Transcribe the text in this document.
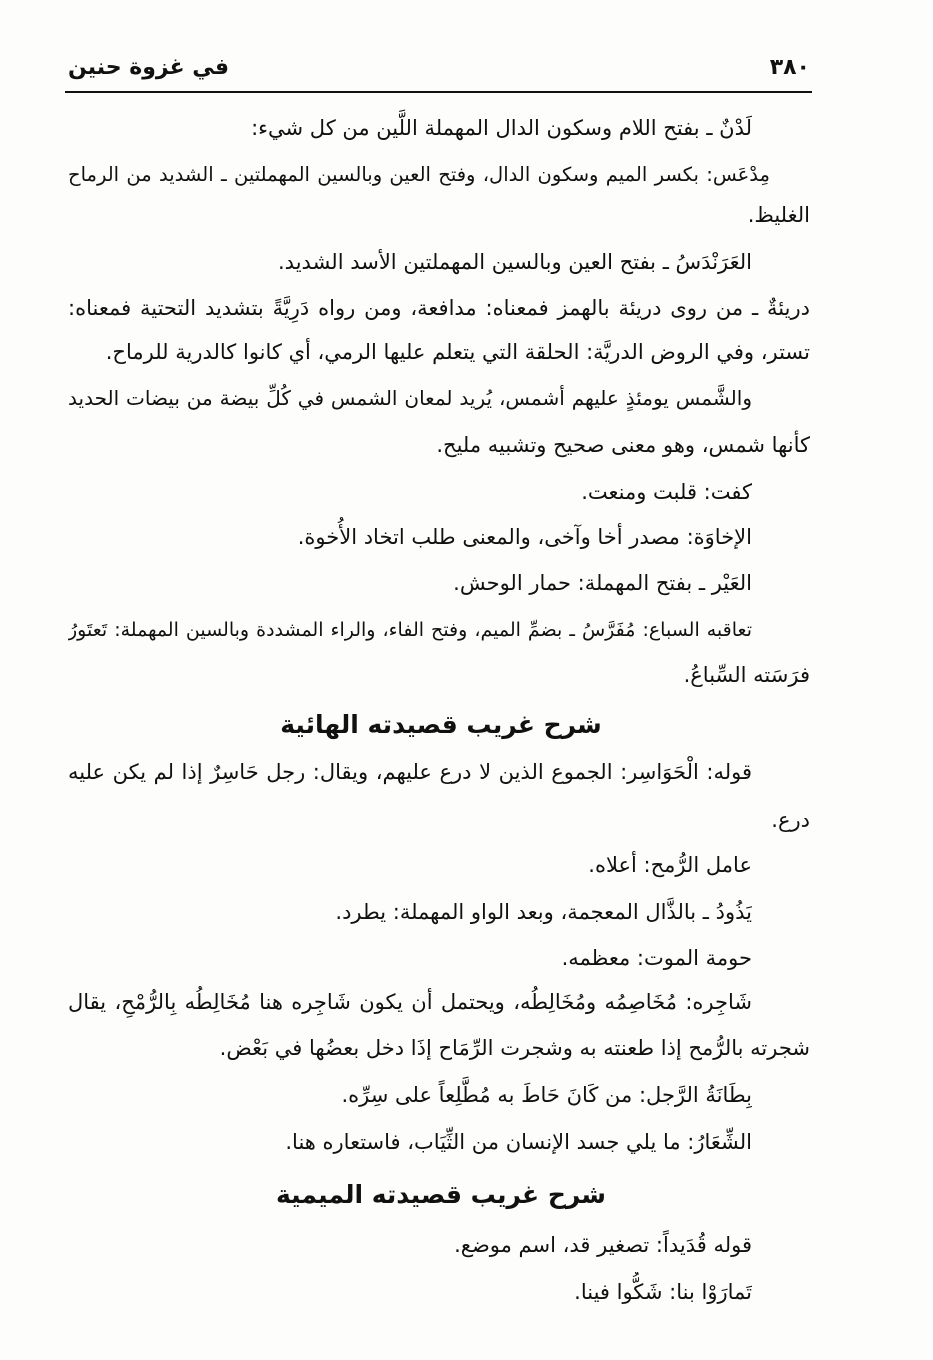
٣٨٠
في غزوة حنين
لَدْنٌ ـ بفتح اللام وسكون الدال المهملة اللَّين من كل شيء:
مِدْعَس: بكسر الميم وسكون الدال، وفتح العين وبالسين المهملتين ـ الشديد من الرماح
الغليظ.
العَرَنْدَسُ ـ بفتح العين وبالسين المهملتين الأسد الشديد.
دريئةٌ ـ من روى دريئة بالهمز فمعناه: مدافعة، ومن رواه دَرِيَّةً بتشديد التحتية فمعناه:
تستر، وفي الروض الدريَّة: الحلقة التي يتعلم عليها الرمي، أي كانوا كالدرية للرماح.
والشَّمس يومئذٍ عليهم أشمس، يُريد لمعان الشمس في كُلِّ بيضة من بيضات الحديد
كأنها شمس، وهو معنى صحيح وتشبيه مليح.
كفت: قلبت ومنعت.
الإخاوَة: مصدر أخا وآخى، والمعنى طلب اتخاد الأُخوة.
العَيْر ـ بفتح المهملة: حمار الوحش.
تعاقبه السباع: مُفَرَّسُ ـ بضمِّ الميم، وفتح الفاء، والراء المشددة وبالسين المهملة: تَعتَورُ
فرَسَته السِّباعُ.
شرح غريب قصيدته الهائية
قوله: الْحَوَاسِر: الجموع الذين لا درع عليهم، ويقال: رجل حَاسِرٌ إذا لم يكن عليه
درع.
عامل الرُّمح: أعلاه.
يَذُودُ ـ بالذَّال المعجمة، وبعد الواو المهملة: يطرد.
حومة الموت: معظمه.
شَاجِره: مُخَاصِمُه ومُخَالِطُه، ويحتمل أن يكون شَاجِره هنا مُخَالِطُه بِالرُّمْحِ، يقال
شجرته بالرُّمح إذا طعنته به وشجرت الرِّمَاح إذَا دخل بعضُها في بَعْض.
بِطَانَةُ الرَّجل: من كَانَ حَاطَ به مُطَّلِعاً على سِرِّه.
الشِّعَارُ: ما يلي جسد الإنسان من الثِّيَاب، فاستعاره هنا.
شرح غريب قصيدته الميمية
قوله قُدَيداً: تصغير قد، اسم موضع.
تَمارَوْا بنا: شَكُّوا فينا.
